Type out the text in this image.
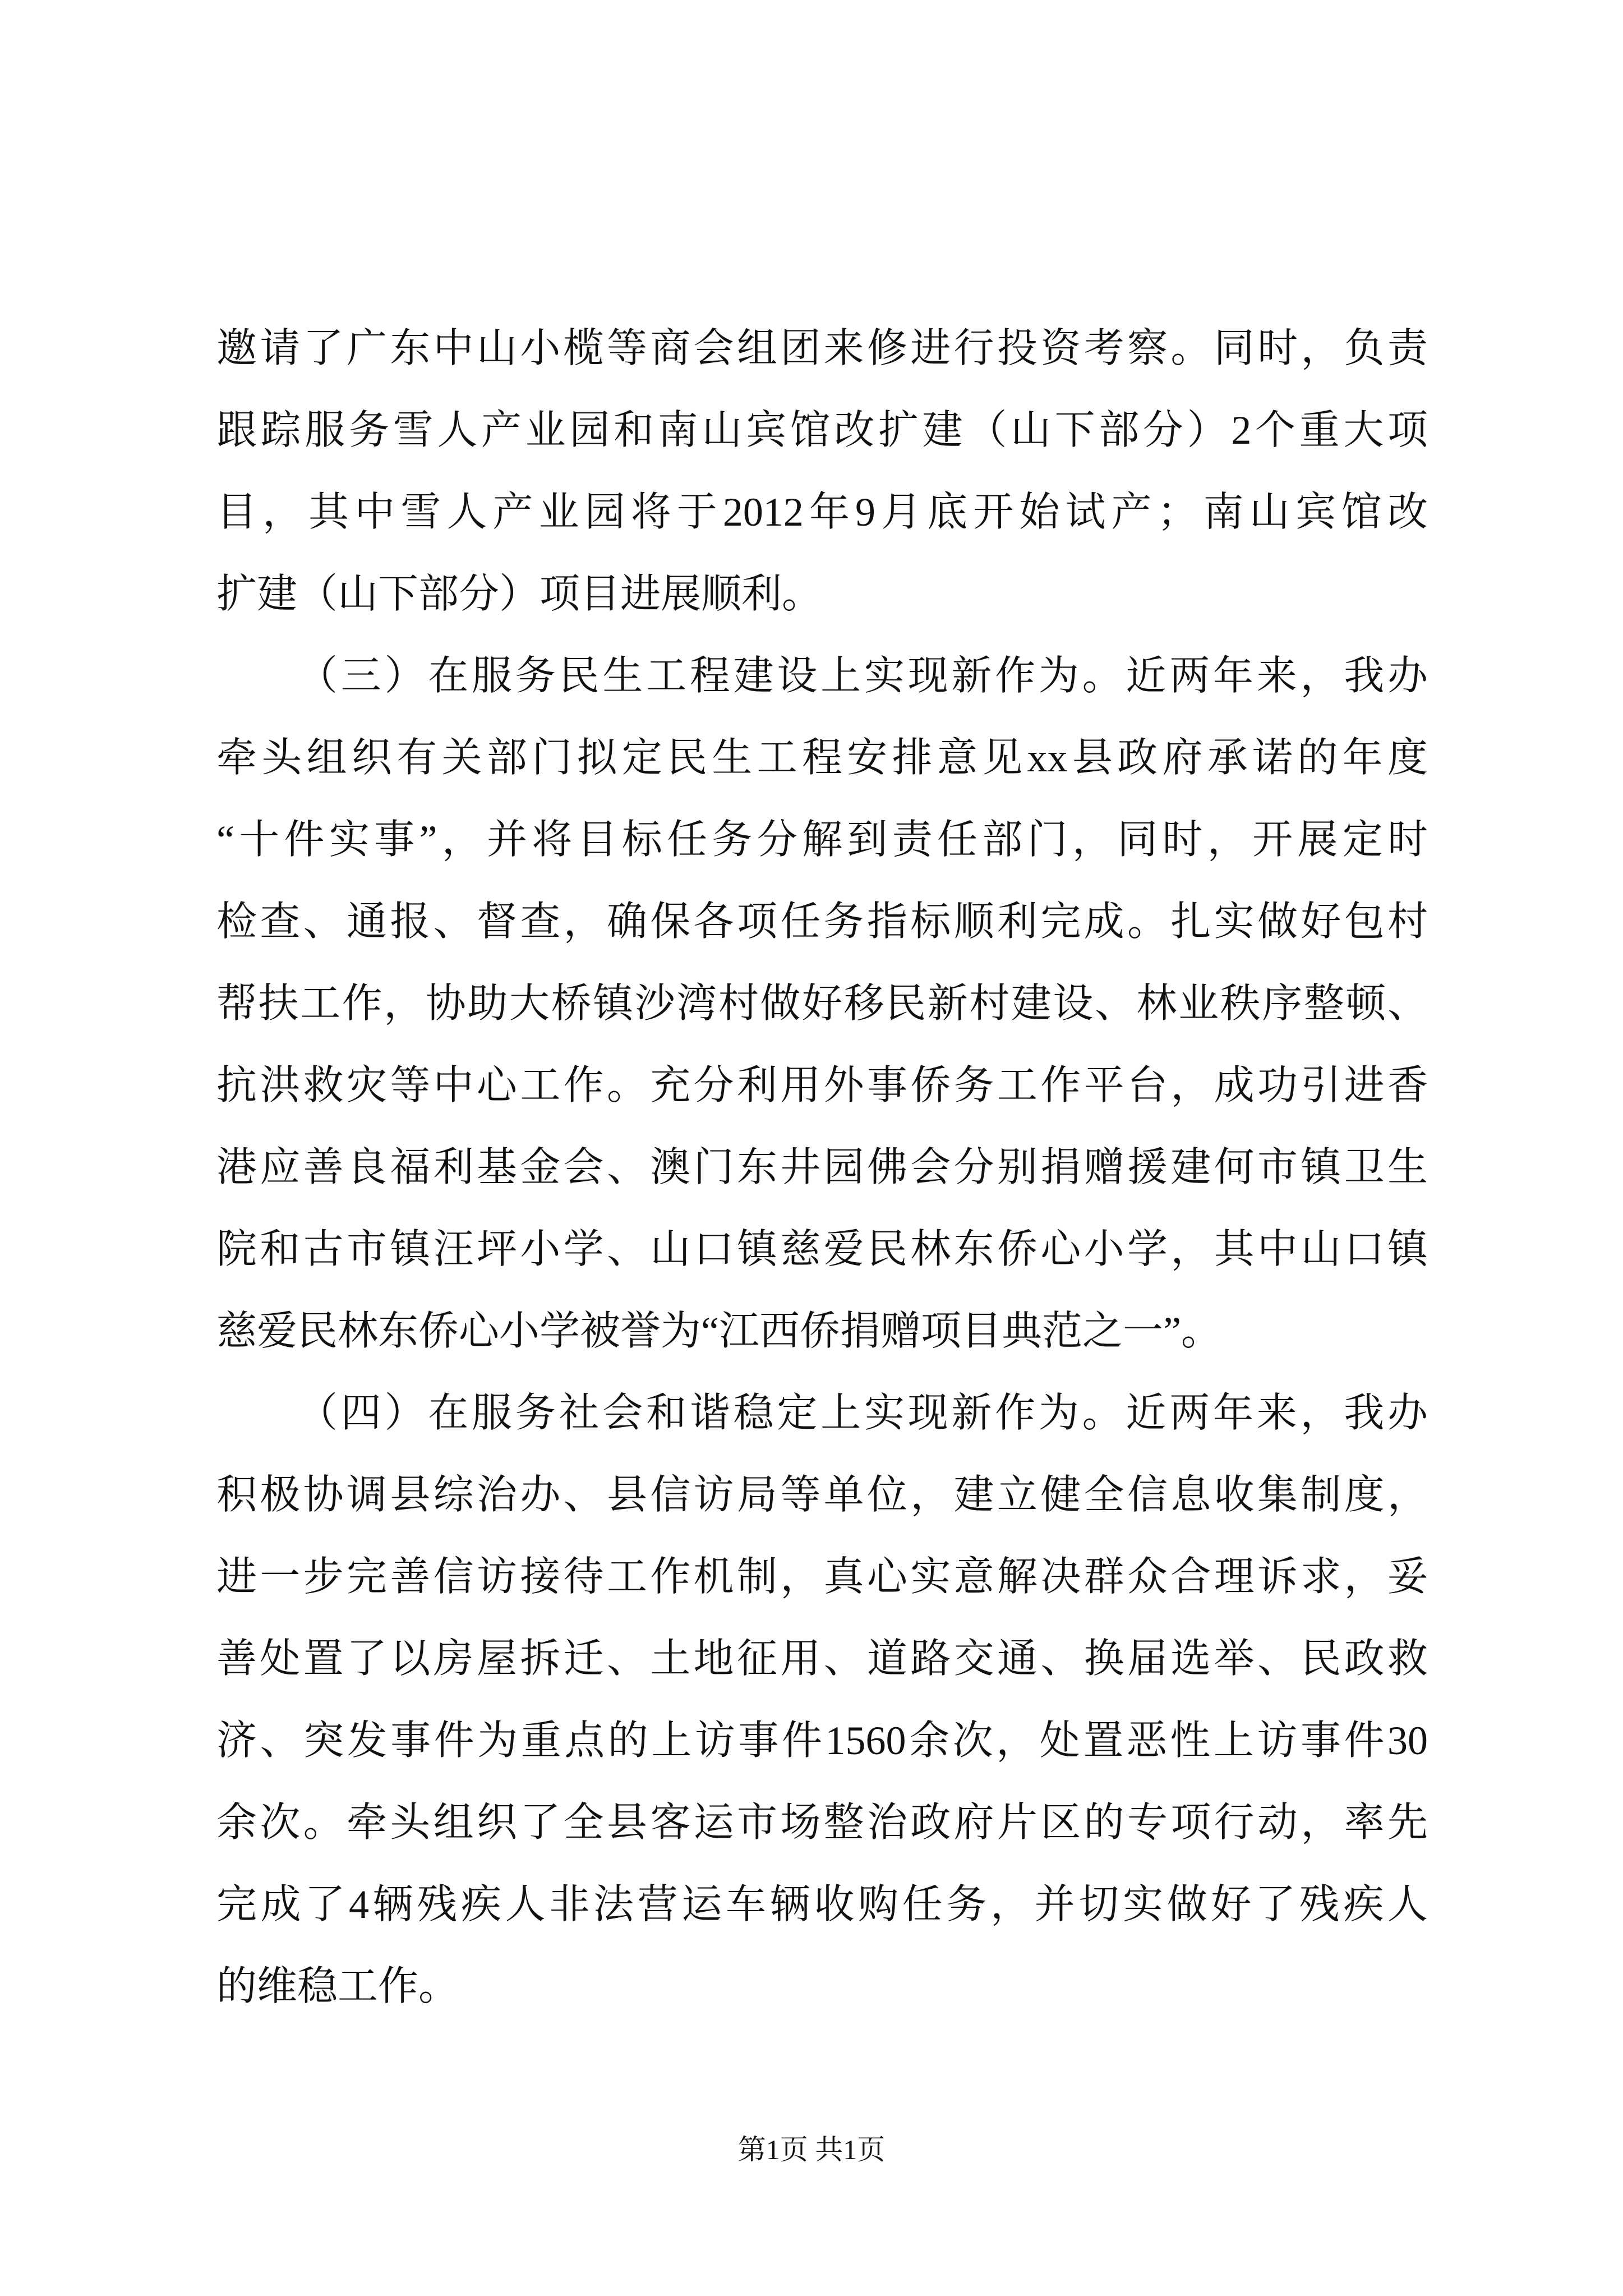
邀请了广东中山小榄等商会组团来修进行投资考察。同时，负责
跟踪服务雪人产业园和南山宾馆改扩建（山下部分）2个重大项
目，其中雪人产业园将于2012年9月底开始试产；南山宾馆改
扩建（山下部分）项目进展顺利。
（三）在服务民生工程建设上实现新作为。近两年来，我办
牵头组织有关部门拟定民生工程安排意见xx县政府承诺的年度
“十件实事”，并将目标任务分解到责任部门，同时，开展定时
检查、通报、督查，确保各项任务指标顺利完成。扎实做好包村
帮扶工作，协助大桥镇沙湾村做好移民新村建设、林业秩序整顿、
抗洪救灾等中心工作。充分利用外事侨务工作平台，成功引进香
港应善良福利基金会、澳门东井园佛会分别捐赠援建何市镇卫生
院和古市镇汪坪小学、山口镇慈爱民林东侨心小学，其中山口镇
慈爱民林东侨心小学被誉为“江西侨捐赠项目典范之一”。
（四）在服务社会和谐稳定上实现新作为。近两年来，我办
积极协调县综治办、县信访局等单位，建立健全信息收集制度，
进一步完善信访接待工作机制，真心实意解决群众合理诉求，妥
善处置了以房屋拆迁、土地征用、道路交通、换届选举、民政救
济、突发事件为重点的上访事件1560余次，处置恶性上访事件30
余次。牵头组织了全县客运市场整治政府片区的专项行动，率先
完成了4辆残疾人非法营运车辆收购任务，并切实做好了残疾人
的维稳工作。
第1页 共1页
